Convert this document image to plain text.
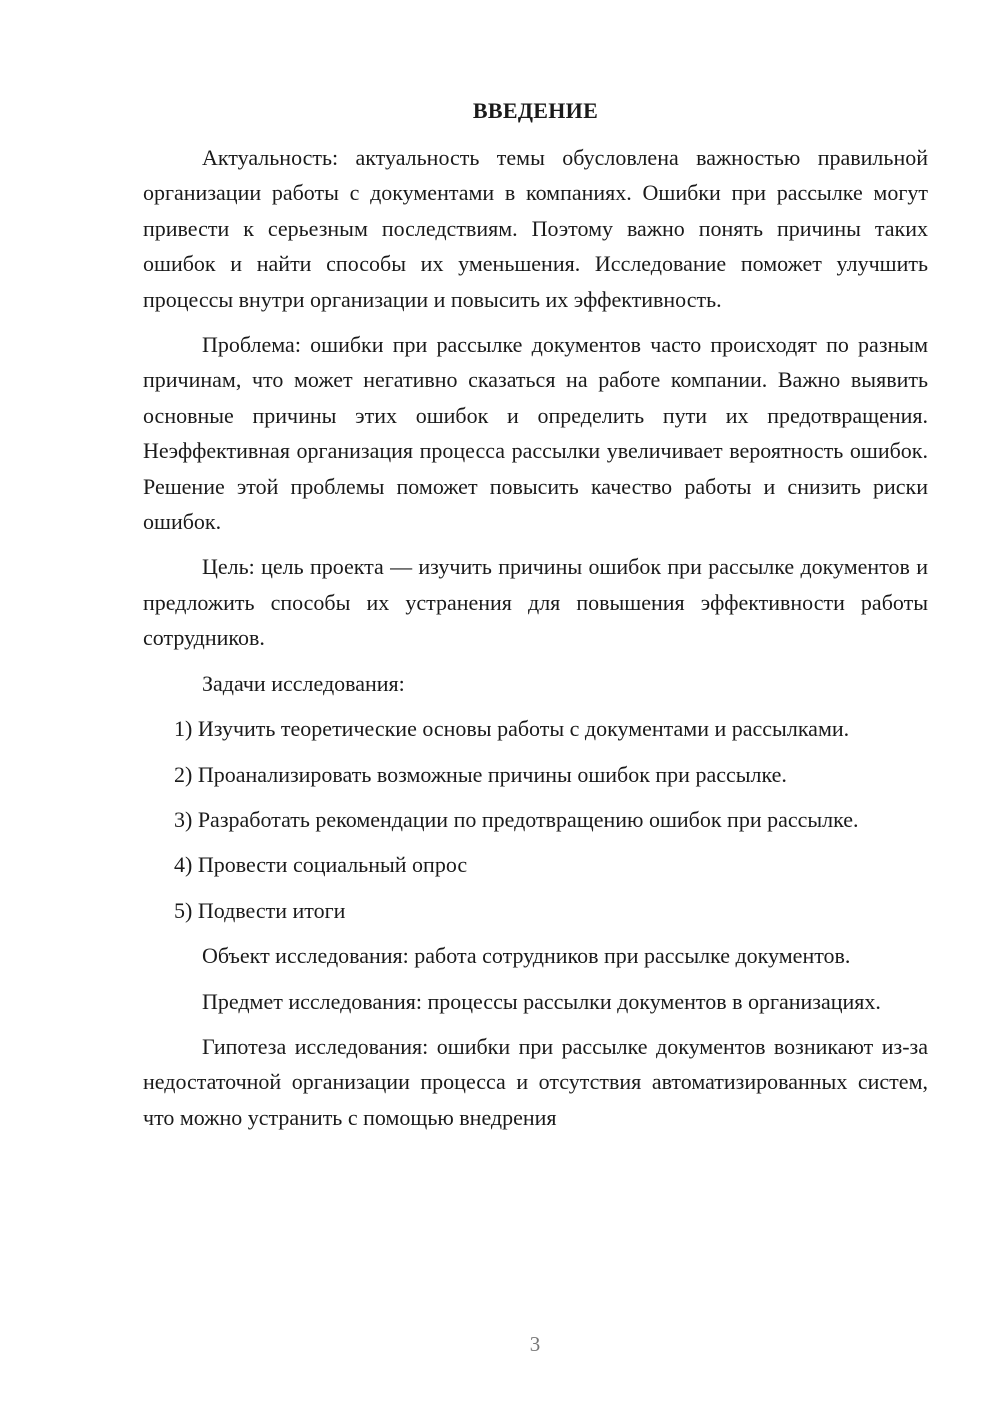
ВВЕДЕНИЕ

Актуальность: актуальность темы обусловлена важностью правильной организации работы с документами в компаниях. Ошибки при рассылке могут привести к серьезным последствиям. Поэтому важно понять причины таких ошибок и найти способы их уменьшения. Исследование поможет улучшить процессы внутри организации и повысить их эффективность.

Проблема: ошибки при рассылке документов часто происходят по разным причинам, что может негативно сказаться на работе компании. Важно выявить основные причины этих ошибок и определить пути их предотвращения. Неэффективная организация процесса рассылки увеличивает вероятность ошибок. Решение этой проблемы поможет повысить качество работы и снизить риски ошибок.

Цель: цель проекта — изучить причины ошибок при рассылке документов и предложить способы их устранения для повышения эффективности работы сотрудников.

Задачи исследования:

1) Изучить теоретические основы работы с документами и рассылками.

2) Проанализировать возможные причины ошибок при рассылке.

3) Разработать рекомендации по предотвращению ошибок при рассылке.

4) Провести социальный опрос

5) Подвести итоги

Объект исследования: работа сотрудников при рассылке документов.

Предмет исследования: процессы рассылки документов в организациях.

Гипотеза исследования: ошибки при рассылке документов возникают из-за недостаточной организации процесса и отсутствия автоматизированных систем, что можно устранить с помощью внедрения

3
